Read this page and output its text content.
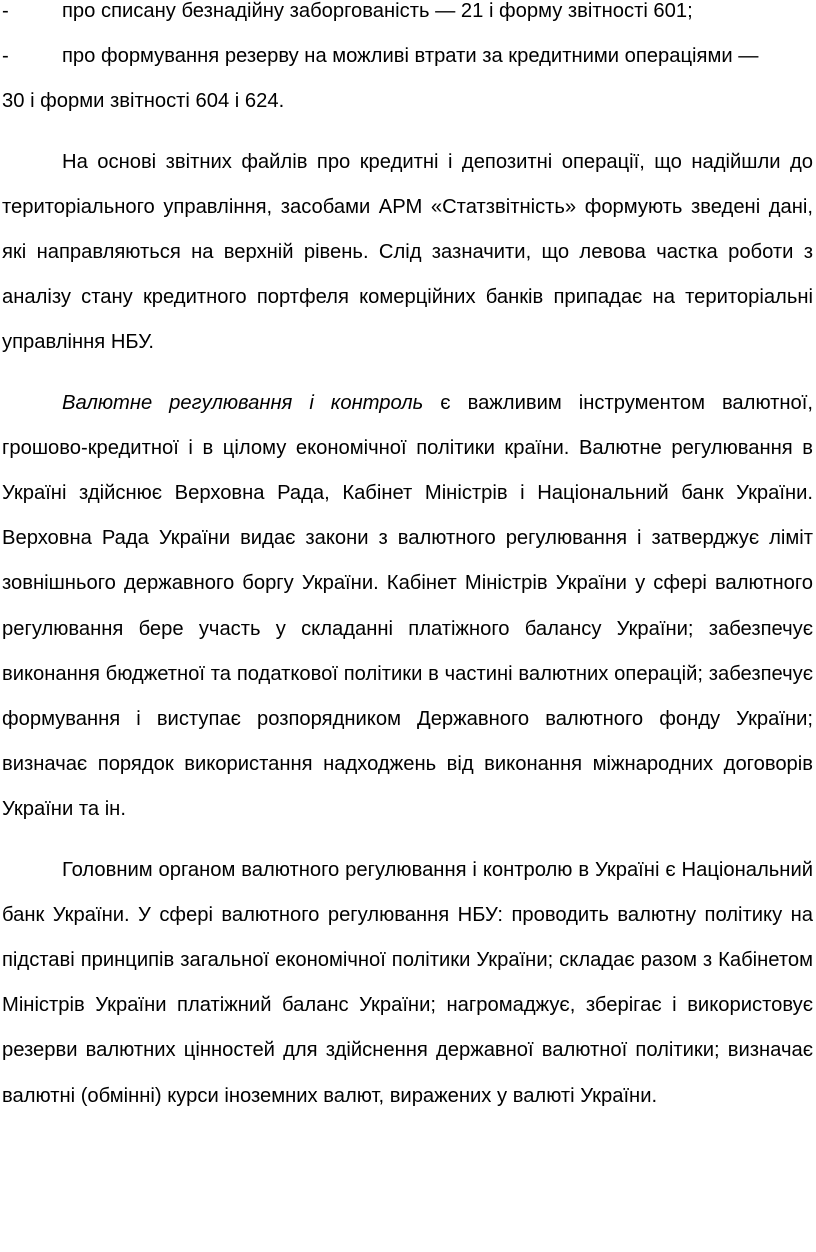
-	про списану безнадійну заборгованість — 21 і форму звітності 601;
-	про формування резерву на можливі втрати за кредитними операціями —
30 і форми звітності 604 і 624.

На основі звітних файлів про кредитні і депозитні операції, що надійшли до територіального управління, засобами АРМ «Статзвітність» формують зведені дані, які направляються на верхній рівень. Слід зазначити, що левова частка роботи з аналізу стану кредитного портфеля комерційних банків припадає на територіальні управління НБУ.

Валютне регулювання і контроль є важливим інструментом валютної, грошово-кредитної і в цілому економічної політики країни. Валютне регулювання в Україні здійснює Верховна Рада, Кабінет Міністрів і Національний банк України. Верховна Рада України видає закони з валютного регулювання і затверджує ліміт зовнішнього державного боргу України. Кабінет Міністрів України у сфері валютного регулювання бере участь у складанні платіжного балансу України; забезпечує виконання бюджетної та податкової політики в частині валютних операцій; забезпечує формування і виступає розпорядником Державного валютного фонду України; визначає порядок використання надходжень від виконання міжнародних договорів України та ін.

Головним органом валютного регулювання і контролю в Україні є Національний банк України. У сфері валютного регулювання НБУ: проводить валютну політику на підставі принципів загальної економічної політики України; складає разом з Кабінетом Міністрів України платіжний баланс України; нагромаджує, зберігає і використовує резерви валютних цінностей для здійснення державної валютної політики; визначає валютні (обмінні) курси іноземних валют, виражених у валюті України.
